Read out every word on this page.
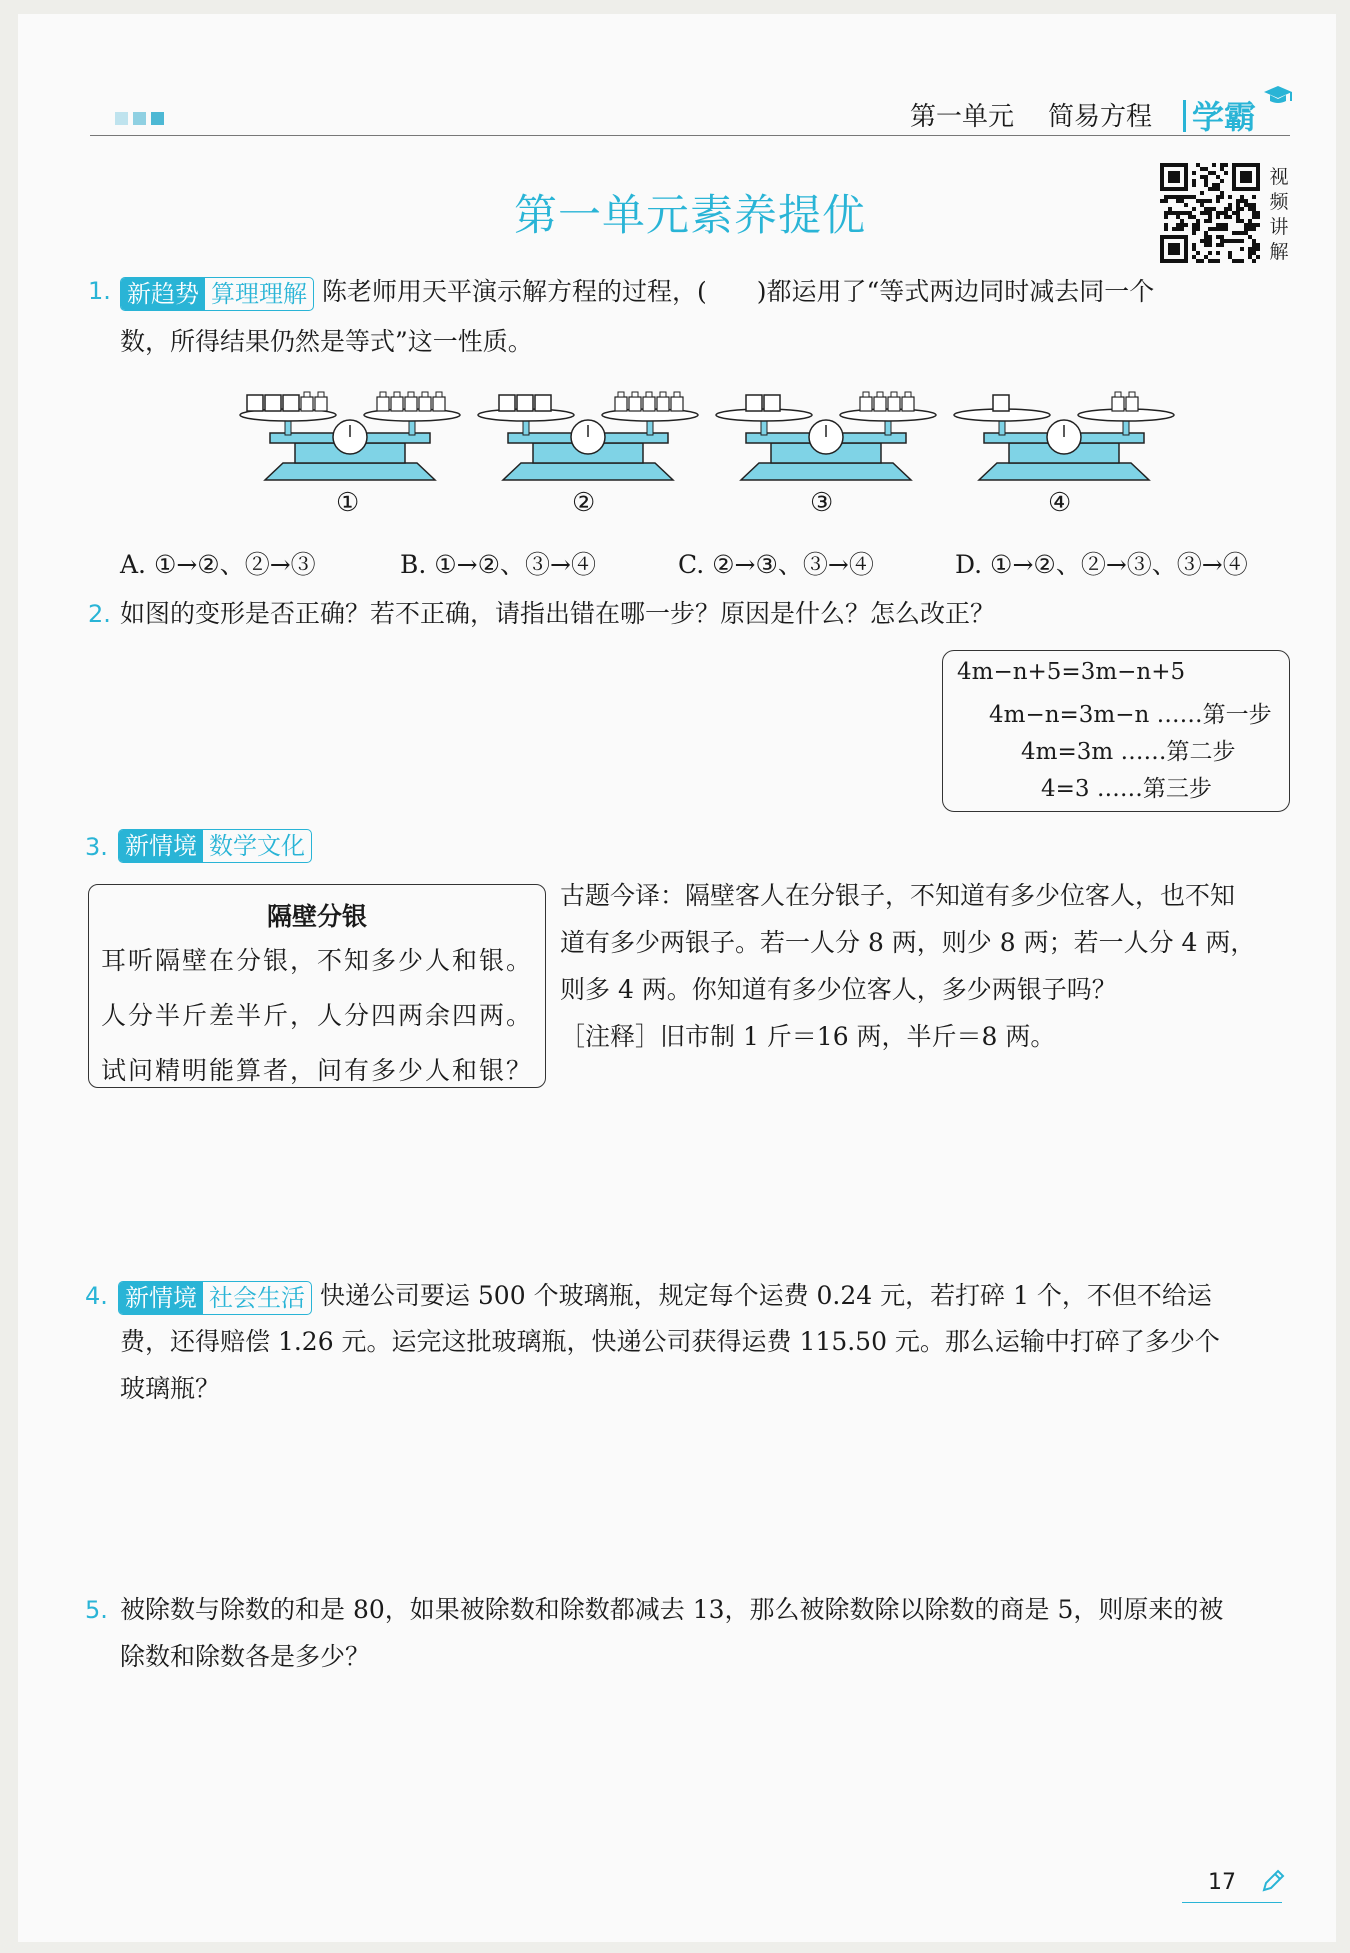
第一单元 简易方程 学霸
第一单元素养提优
视
频
讲
解
1. 新趋势 算理理解 陈老师用天平演示解方程的过程，(　　)都运用了“等式两边同时减去同一个
数，所得结果仍然是等式”这一性质。
①	②	③	④
A. ①→②、②→③	B. ①→②、③→④	C. ②→③、③→④	D. ①→②、②→③、③→④
2. 如图的变形是否正确？若不正确，请指出错在哪一步？原因是什么？怎么改正？
4m−n+5=3m−n+5
4m−n=3m−n ……第一步
4m=3m ……第二步
4=3 ……第三步
3. 新情境 数学文化
隔壁分银
耳听隔壁在分银，不知多少人和银。
人分半斤差半斤，人分四两余四两。
试问精明能算者，问有多少人和银？
古题今译：隔壁客人在分银子，不知道有多少位客人，也不知
道有多少两银子。若一人分 8 两，则少 8 两；若一人分 4 两，
则多 4 两。你知道有多少位客人，多少两银子吗？
［注释］旧市制 1 斤＝16 两，半斤＝8 两。
4. 新情境 社会生活 快递公司要运 500 个玻璃瓶，规定每个运费 0.24 元，若打碎 1 个，不但不给运
费，还得赔偿 1.26 元。运完这批玻璃瓶，快递公司获得运费 115.50 元。那么运输中打碎了多少个
玻璃瓶？
5. 被除数与除数的和是 80，如果被除数和除数都减去 13，那么被除数除以除数的商是 5，则原来的被
除数和除数各是多少？
17
